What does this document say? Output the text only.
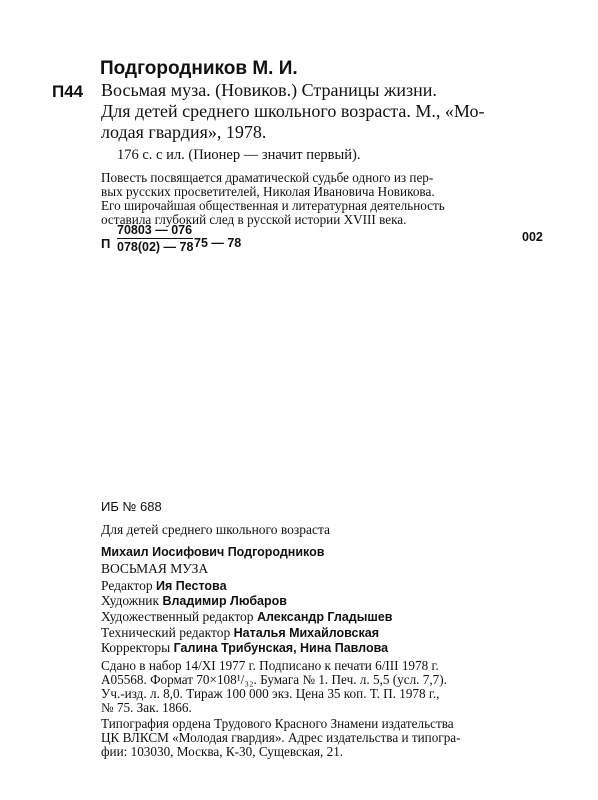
Подгородников М. И.
П44 Восьмая муза. (Новиков.) Страницы жизни.
Для детей среднего школьного возраста. М., «Мо-
лодая гвардия», 1978.
176 с. с ил. (Пионер — значит первый).
Повесть посвящается драматической судьбе одного из пер-
вых русских просветителей, Николая Ивановича Новикова.
Его широчайшая общественная и литературная деятельность
оставила глубокий след в русской истории XVIII века.
П $\frac{70803 — 076}{078(02) — 78} 75$ — 78	002
ИБ № 688
Для детей среднего школьного возраста
Михаил Иосифович Подгородников
ВОСЬМАЯ МУЗА
Редактор Ия Пестова
Художник Владимир Любаров
Художественный редактор Александр Гладышев
Технический редактор Наталья Михайловская
Корректоры Галина Трибунская, Нина Павлова
Сдано в набор 14/XI 1977 г. Подписано к печати 6/III 1978 г.
А05568. Формат 70×108¹/₃₂. Бумага № 1. Печ. л. 5,5 (усл. 7,7).
Уч.-изд. л. 8,0. Тираж 100 000 экз. Цена 35 коп. Т. П. 1978 г.,
№ 75. Зак. 1866.
Типография ордена Трудового Красного Знамени издательства
ЦК ВЛКСМ «Молодая гвардия». Адрес издательства и типогра-
фии: 103030, Москва, К-30, Сущевская, 21.
